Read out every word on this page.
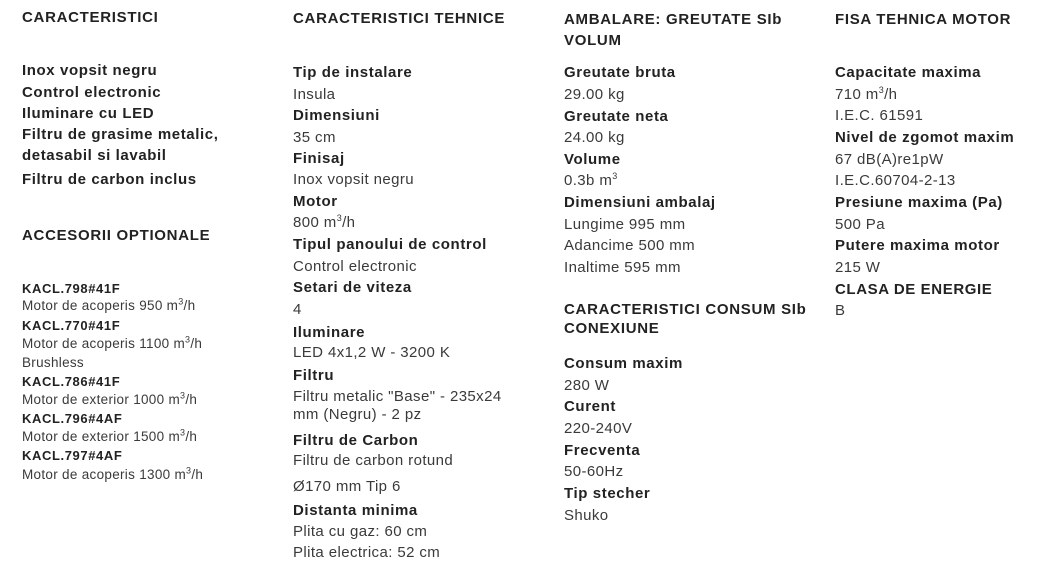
CARACTERISTICI
Inox vopsit negru
Control electronic
Iluminare cu LED
Filtru de grasime metalic,
detasabil si lavabil
Filtru de carbon inclus
ACCESORII OPTIONALE
KACL.798#41F
Motor de acoperis 950 $m^3/h$
KACL.770#41F
Motor de acoperis 1100 $m^3/h$
Brushless
KACL.786#41F
Motor de exterior 1000 $m^3/h$
KACL.796#4AF
Motor de exterior 1500 $m^3/h$
KACL.797#4AF
Motor de acoperis 1300 $m^3/h$
CARACTERISTICI TEHNICE
Tip de instalare
Insula
Dimensiuni
35 cm
Finisaj
Inox vopsit negru
Motor
800 $m^3/h$
Tipul panoului de control
Control electronic
Setari de viteza
4
Iluminare
LED 4x1,2 W - 3200 K
Filtru
Filtru metalic "Base" - 235x24
mm (Negru) - 2 pz
Filtru de Carbon
Filtru de carbon rotund
Ø170 mm Tip 6
Distanta minima
Plita cu gaz: 60 cm
Plita electrica: 52 cm
AMBALARE: GREUTATE SIb
VOLUM
Greutate bruta
29.00 kg
Greutate neta
24.00 kg
Volume
0.3b $m^3$
Dimensiuni ambalaj
Lungime 995 mm
Adancime 500 mm
Inaltime 595 mm
CARACTERISTICI CONSUM SIb
CONEXIUNE
Consum maxim
280 W
Curent
220-240V
Frecventa
50-60Hz
Tip stecher
Shuko
FISA TEHNICA MOTOR
Capacitate maxima
710 $m^3/h$
I.E.C. 61591
Nivel de zgomot maxim
67 dB(A)re1pW
I.E.C.60704-2-13
Presiune maxima (Pa)
500 Pa
Putere maxima motor
215 W
CLASA DE ENERGIE
B
